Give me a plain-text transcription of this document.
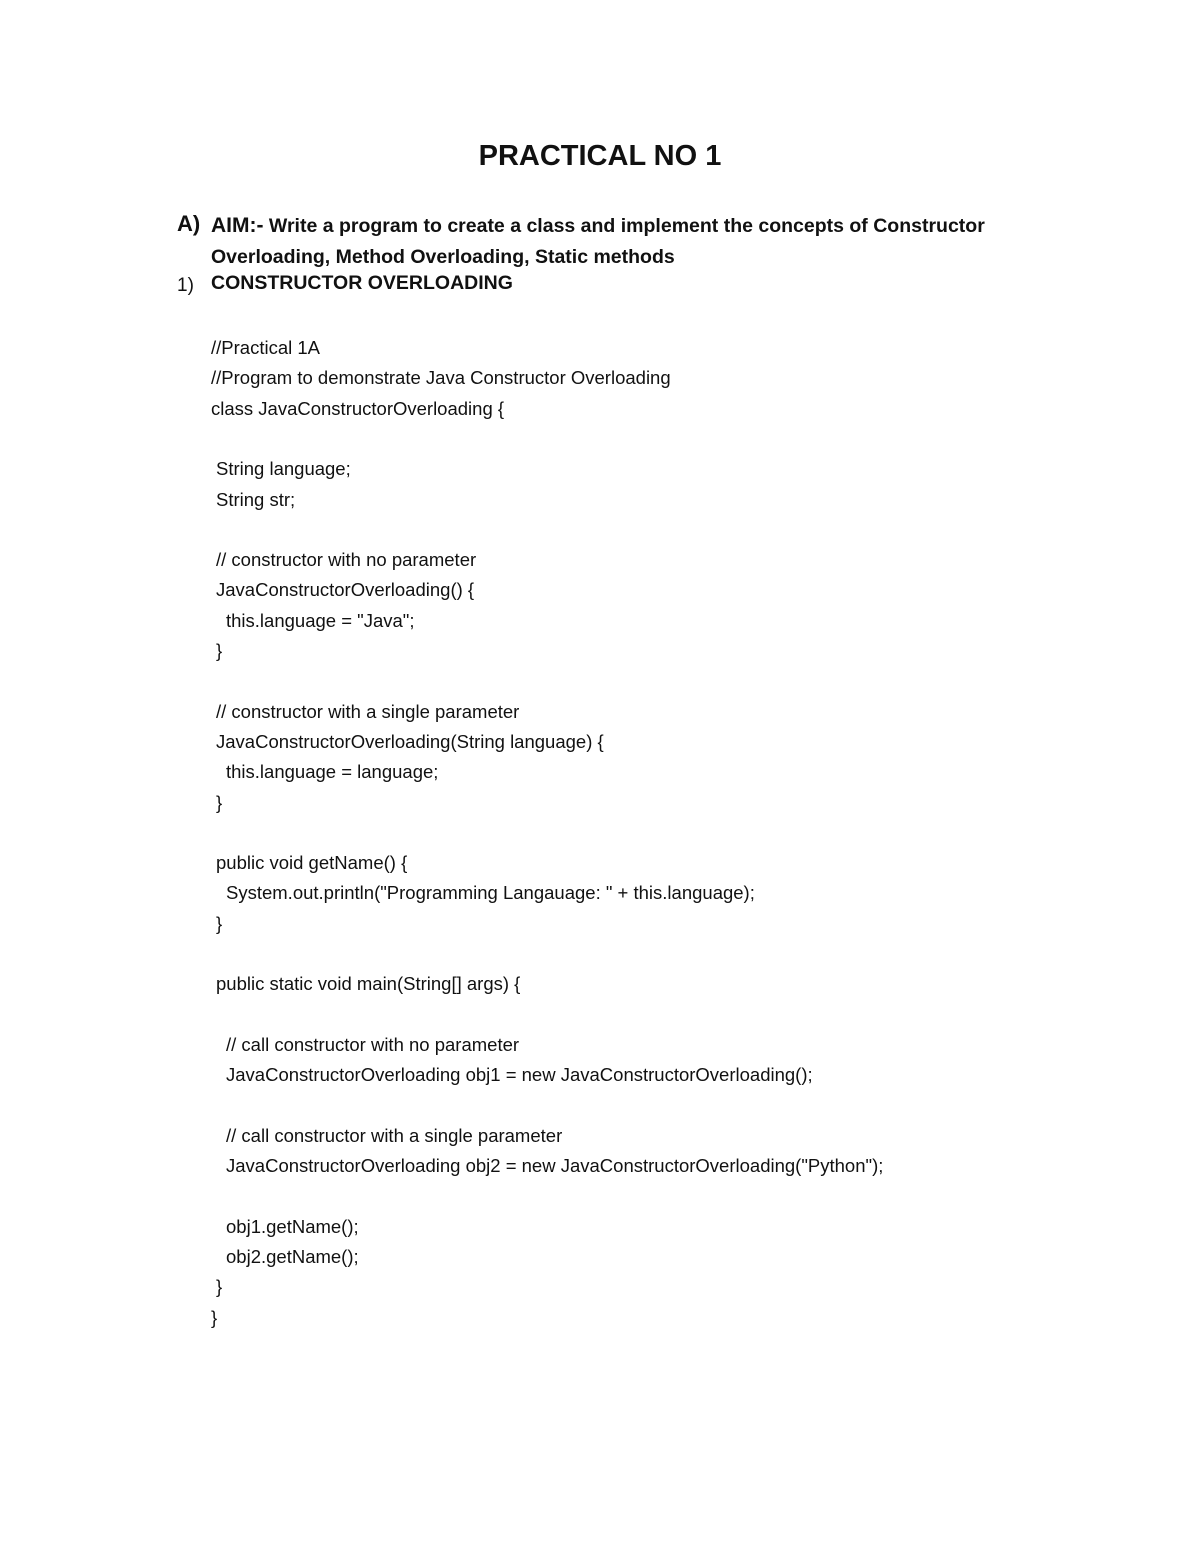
PRACTICAL NO 1
A) AIM:- Write a program to create a class and implement the concepts of Constructor Overloading, Method Overloading, Static methods
1) CONSTRUCTOR OVERLOADING
//Practical 1A
//Program to demonstrate Java Constructor Overloading
class JavaConstructorOverloading {
String language;
String str;
// constructor with no parameter
JavaConstructorOverloading() {
this.language = "Java";
}
// constructor with a single parameter
JavaConstructorOverloading(String language) {
this.language = language;
}
public void getName() {
System.out.println("Programming Langauage: " + this.language);
}
public static void main(String[] args) {
// call constructor with no parameter
JavaConstructorOverloading obj1 = new JavaConstructorOverloading();
// call constructor with a single parameter
JavaConstructorOverloading obj2 = new JavaConstructorOverloading("Python");
obj1.getName();
obj2.getName();
}
}
